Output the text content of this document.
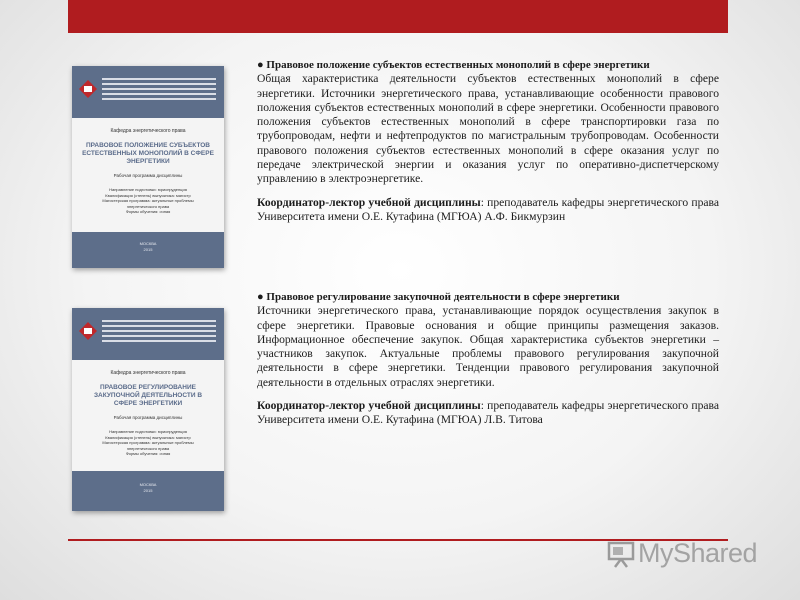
Кафедра энергетического права
ПРАВОВОЕ ПОЛОЖЕНИЕ СУБЪЕКТОВ ЕСТЕСТВЕННЫХ МОНОПОЛИЙ В СФЕРЕ ЭНЕРГЕТИКИ
Рабочая программа дисциплины
Направление подготовки: юриспруденция
Квалификация (степень) выпускника: магистр
Магистерская программа: актуальные проблемы
энергетического права
Формы обучения: очная
МОСКВА
2015

● Правовое положение субъектов естественных монополий в сфере энергетики

Общая характеристика деятельности субъектов естественных монополий в сфере энергетики. Источники энергетического права, устанавливающие особенности правового положения субъектов естественных монополий в сфере энергетики. Особенности правового положения субъектов естественных монополий в сфере транспортировки газа по трубопроводам, нефти и нефтепродуктов по магистральным трубопроводам. Особенности правового положения субъектов естественных монополий в сфере оказания услуг по передаче электрической энергии и оказания услуг по оперативно-диспетчерскому управлению в электроэнергетике.

Координатор-лектор учебной дисциплины: преподаватель кафедры энергетического права Университета имени О.Е. Кутафина (МГЮА) А.Ф. Бикмурзин

Кафедра энергетического права
ПРАВОВОЕ РЕГУЛИРОВАНИЕ ЗАКУПОЧНОЙ ДЕЯТЕЛЬНОСТИ В СФЕРЕ ЭНЕРГЕТИКИ
Рабочая программа дисциплины
Направление подготовки: юриспруденция
Квалификация (степень) выпускника: магистр
Магистерская программа: актуальные проблемы
энергетического права
Формы обучения: очная
МОСКВА
2015

● Правовое регулирование закупочной деятельности в сфере энергетики

Источники энергетического права, устанавливающие порядок осуществления закупок в сфере энергетики. Правовые основания и общие принципы размещения заказов. Информационное обеспечение закупок. Общая характеристика субъектов энергетики – участников закупок. Актуальные проблемы правового регулирования закупочной деятельности в сфере энергетики. Тенденции правового регулирования закупочной деятельности в отдельных отраслях энергетики.

Координатор-лектор учебной дисциплины: преподаватель кафедры энергетического права Университета имени О.Е. Кутафина (МГЮА) Л.В. Титова

MyShared
